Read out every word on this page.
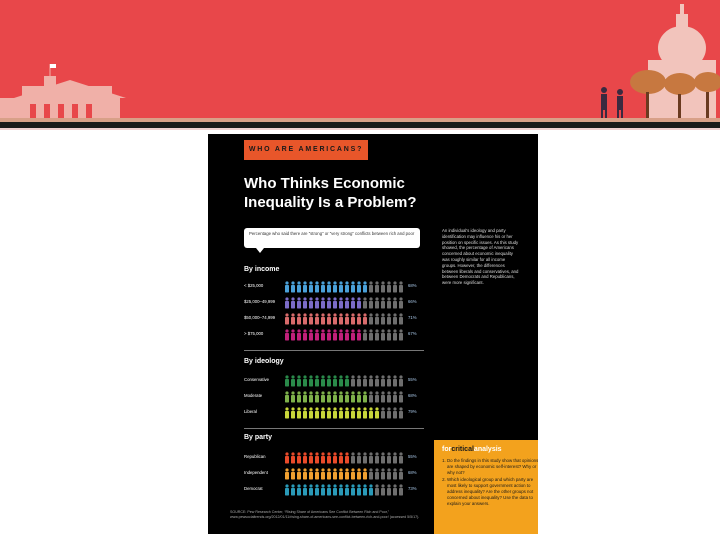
WHO ARE AMERICANS?
Who Thinks Economic
Inequality Is a Problem?
Percentage who said there are “strong” or “very strong” conflicts between rich and poor
An individual's ideology and party identification may influence his or her position on specific issues. As this study showed, the percentage of Americans concerned about economic inequality was roughly similar for all income groups. However, the differences between liberals and conservatives, and between Democrats and Republicans, were more significant.
By income
< $25,000	68%
$25,000–49,999	66%
$50,000–74,999	71%
> $75,000	67%
By ideology
Conservative	55%
Moderate	68%
Liberal	79%
By party
Republican	55%
Independent	68%
Democrat	73%
SOURCE: Pew Research Center, “Rising Share of Americans See Conflict Between Rich and Poor,” www.pewsocialtrends.org/2012/01/11/rising-share-of-americans-see-conflict-between-rich-and-poor/ (accessed 5/5/17).
forcriticalanalysis
1. Do the findings in this study show that opinions are shaped by economic self-interest? Why or why not?
2. Which ideological group and which party are most likely to support government action to address inequality? Are the other groups not concerned about inequality? Use the data to explain your answers.
